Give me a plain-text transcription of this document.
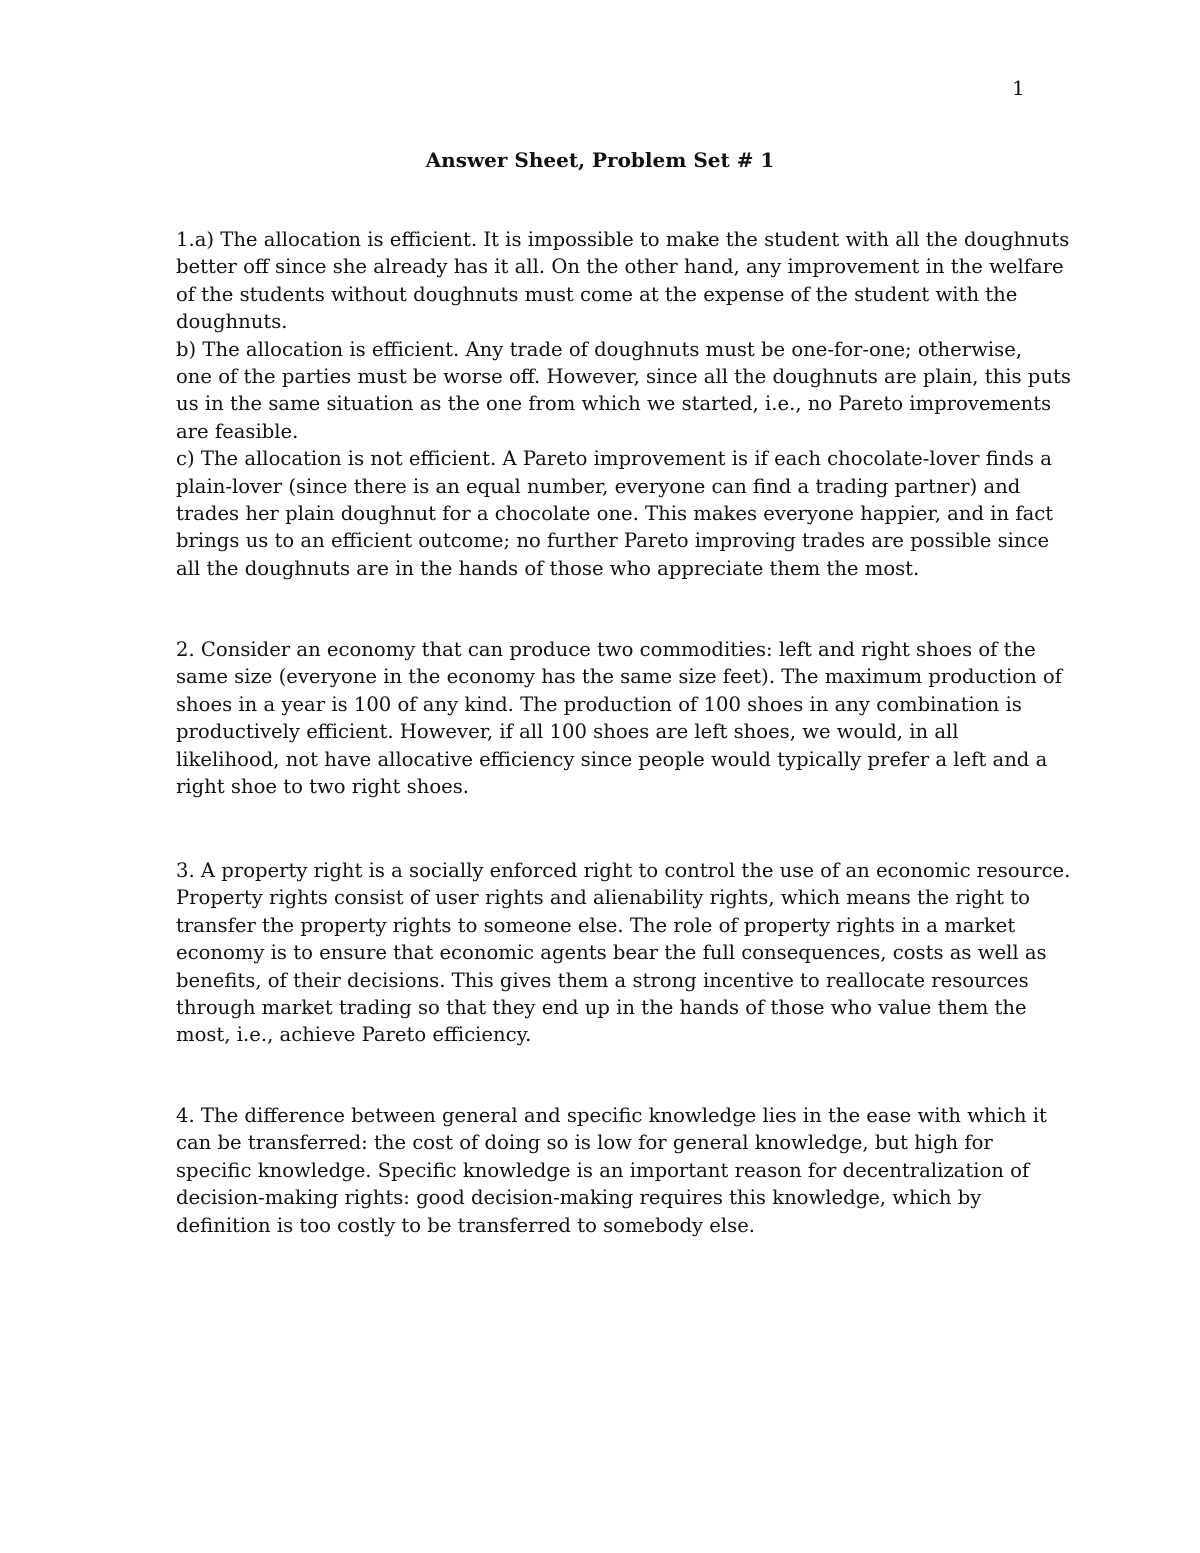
1
Answer Sheet, Problem Set # 1
1.a) The allocation is efficient. It is impossible to make the student with all the doughnuts
better off since she already has it all. On the other hand, any improvement in the welfare
of the students without doughnuts must come at the expense of the student with the
doughnuts.
b) The allocation is efficient. Any trade of doughnuts must be one-for-one; otherwise,
one of the parties must be worse off. However, since all the doughnuts are plain, this puts
us in the same situation as the one from which we started, i.e., no Pareto improvements
are feasible.
c) The allocation is not efficient. A Pareto improvement is if each chocolate-lover finds a
plain-lover (since there is an equal number, everyone can find a trading partner) and
trades her plain doughnut for a chocolate one. This makes everyone happier, and in fact
brings us to an efficient outcome; no further Pareto improving trades are possible since
all the doughnuts are in the hands of those who appreciate them the most.
2. Consider an economy that can produce two commodities: left and right shoes of the
same size (everyone in the economy has the same size feet). The maximum production of
shoes in a year is 100 of any kind. The production of 100 shoes in any combination is
productively efficient. However, if all 100 shoes are left shoes, we would, in all
likelihood, not have allocative efficiency since people would typically prefer a left and a
right shoe to two right shoes.
3. A property right is a socially enforced right to control the use of an economic resource.
Property rights consist of user rights and alienability rights, which means the right to
transfer the property rights to someone else. The role of property rights in a market
economy is to ensure that economic agents bear the full consequences, costs as well as
benefits, of their decisions. This gives them a strong incentive to reallocate resources
through market trading so that they end up in the hands of those who value them the
most, i.e., achieve Pareto efficiency.
4. The difference between general and specific knowledge lies in the ease with which it
can be transferred: the cost of doing so is low for general knowledge, but high for
specific knowledge. Specific knowledge is an important reason for decentralization of
decision-making rights: good decision-making requires this knowledge, which by
definition is too costly to be transferred to somebody else.
